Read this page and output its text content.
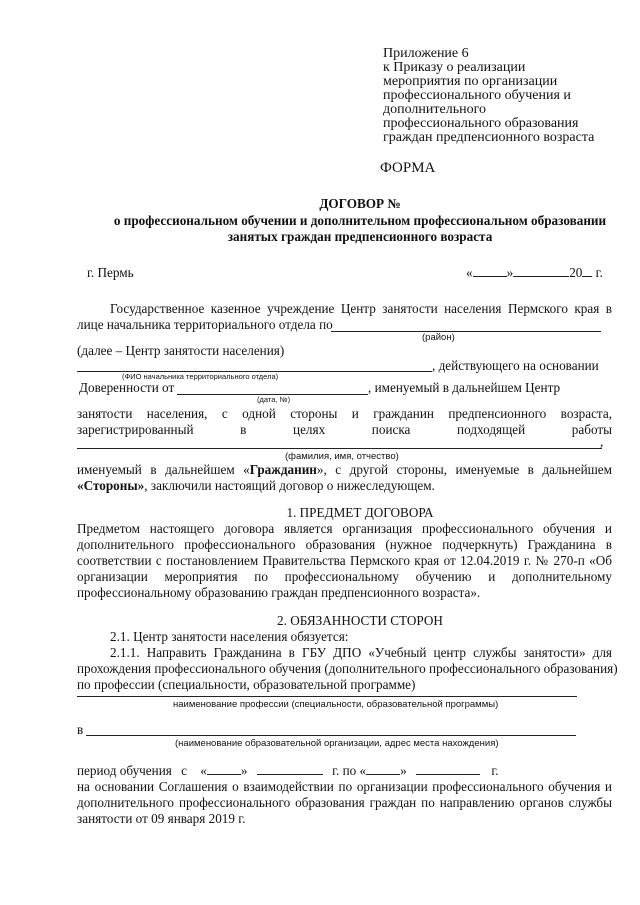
Приложение 6
к Приказу о реализации
мероприятия по организации
профессионального обучения и
дополнительного
профессионального образования
граждан предпенсионного возраста
ФОРМА
ДОГОВОР №
о профессиональном обучении и дополнительном профессиональном образовании
занятых граждан предпенсионного возраста
г. Пермь	«	»	20 г.
Государственное казенное учреждение Центр занятости населения Пермского края в
лице начальника территориального отдела по
(район)
(далее – Центр занятости населения)
, действующего на основании
(ФИО начальника территориального отдела)
Доверенности от	, именуемый в дальнейшем Центр
(дата, №)
занятости населения, с одной стороны и гражданин предпенсионного возраста,
зарегистрированный в целях поиска подходящей работы
,
(фамилия, имя, отчество)
именуемый в дальнейшем «Гражданин», с другой стороны, именуемые в дальнейшем
«Стороны», заключили настоящий договор о нижеследующем.
1. ПРЕДМЕТ ДОГОВОРА
Предметом настоящего договора является организация профессионального обучения и
дополнительного профессионального образования (нужное подчеркнуть) Гражданина в
соответствии с постановлением Правительства Пермского края от 12.04.2019 г. № 270-п «Об
организации мероприятия по профессиональному обучению и дополнительному
профессиональному образованию граждан предпенсионного возраста».
2. ОБЯЗАННОСТИ СТОРОН
2.1. Центр занятости населения обязуется:
2.1.1. Направить Гражданина в ГБУ ДПО «Учебный центр службы занятости» для
прохождения профессионального обучения (дополнительного профессионального образования)
по профессии (специальности, образовательной программе)
наименование профессии (специальности, образовательной программы)
в
(наименование образовательной организации, адрес места нахождения)
период обучения с «	»	г. по «	»	г.
на основании Соглашения о взаимодействии по организации профессионального обучения и
дополнительного профессионального образования граждан по направлению органов службы
занятости от 09 января 2019 г.
